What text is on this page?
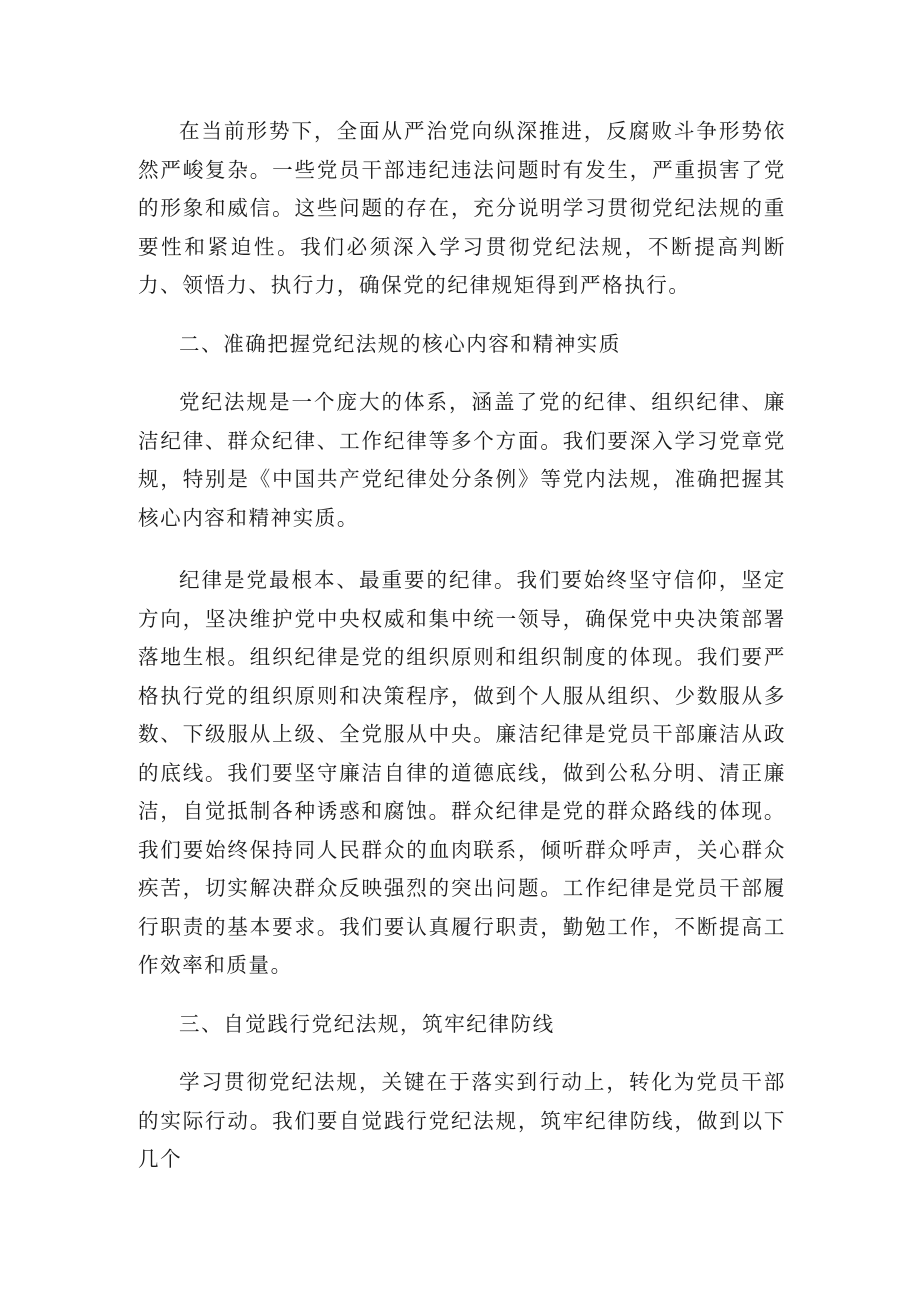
在当前形势下，全面从严治党向纵深推进，反腐败斗争形势依然严峻复杂。一些党员干部违纪违法问题时有发生，严重损害了党的形象和威信。这些问题的存在，充分说明学习贯彻党纪法规的重要性和紧迫性。我们必须深入学习贯彻党纪法规，不断提高判断力、领悟力、执行力，确保党的纪律规矩得到严格执行。

二、准确把握党纪法规的核心内容和精神实质

党纪法规是一个庞大的体系，涵盖了党的纪律、组织纪律、廉洁纪律、群众纪律、工作纪律等多个方面。我们要深入学习党章党规，特别是《中国共产党纪律处分条例》等党内法规，准确把握其核心内容和精神实质。

纪律是党最根本、最重要的纪律。我们要始终坚守信仰，坚定方向，坚决维护党中央权威和集中统一领导，确保党中央决策部署落地生根。组织纪律是党的组织原则和组织制度的体现。我们要严格执行党的组织原则和决策程序，做到个人服从组织、少数服从多数、下级服从上级、全党服从中央。廉洁纪律是党员干部廉洁从政的底线。我们要坚守廉洁自律的道德底线，做到公私分明、清正廉洁，自觉抵制各种诱惑和腐蚀。群众纪律是党的群众路线的体现。我们要始终保持同人民群众的血肉联系，倾听群众呼声，关心群众疾苦，切实解决群众反映强烈的突出问题。工作纪律是党员干部履行职责的基本要求。我们要认真履行职责，勤勉工作，不断提高工作效率和质量。

三、自觉践行党纪法规，筑牢纪律防线

学习贯彻党纪法规，关键在于落实到行动上，转化为党员干部的实际行动。我们要自觉践行党纪法规，筑牢纪律防线，做到以下几个
